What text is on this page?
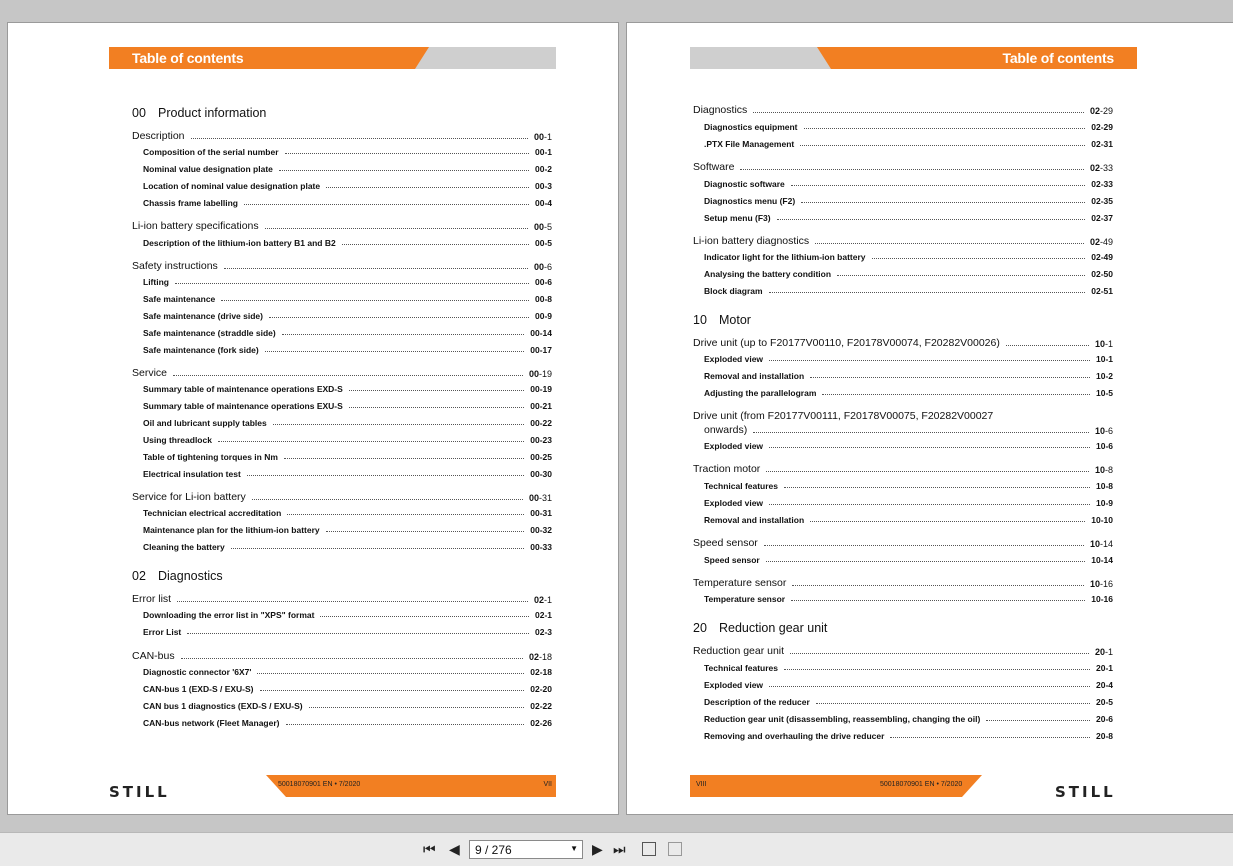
Table of contents
00 Product information
Description	00-1
Composition of the serial number	00-1
Nominal value designation plate	00-2
Location of nominal value designation plate	00-3
Chassis frame labelling	00-4
Li-ion battery specifications	00-5
Description of the lithium-ion battery B1 and B2	00-5
Safety instructions	00-6
Lifting	00-6
Safe maintenance	00-8
Safe maintenance (drive side)	00-9
Safe maintenance (straddle side)	00-14
Safe maintenance (fork side)	00-17
Service	00-19
Summary table of maintenance operations EXD-S	00-19
Summary table of maintenance operations EXU-S	00-21
Oil and lubricant supply tables	00-22
Using threadlock	00-23
Table of tightening torques in Nm	00-25
Electrical insulation test	00-30
Service for Li-ion battery	00-31
Technician electrical accreditation	00-31
Maintenance plan for the lithium-ion battery	00-32
Cleaning the battery	00-33
02 Diagnostics
Error list	02-1
Downloading the error list in "XPS" format	02-1
Error List	02-3
CAN-bus	02-18
Diagnostic connector '6X7'	02-18
CAN-bus 1 (EXD-S / EXU-S)	02-20
CAN bus 1 diagnostics (EXD-S / EXU-S)	02-22
CAN-bus network (Fleet Manager)	02-26
50018070901 EN • 7/2020	VII
STILL
Table of contents
Diagnostics	02-29
Diagnostics equipment	02-29
.PTX File Management	02-31
Software	02-33
Diagnostic software	02-33
Diagnostics menu (F2)	02-35
Setup menu (F3)	02-37
Li-ion battery diagnostics	02-49
Indicator light for the lithium-ion battery	02-49
Analysing the battery condition	02-50
Block diagram	02-51
10 Motor
Drive unit (up to F20177V00110, F20178V00074, F20282V00026)	10-1
Exploded view	10-1
Removal and installation	10-2
Adjusting the parallelogram	10-5
Drive unit (from F20177V00111, F20178V00075, F20282V00027
onwards)	10-6
Exploded view	10-6
Traction motor	10-8
Technical features	10-8
Exploded view	10-9
Removal and installation	10-10
Speed sensor	10-14
Speed sensor	10-14
Temperature sensor	10-16
Temperature sensor	10-16
20 Reduction gear unit
Reduction gear unit	20-1
Technical features	20-1
Exploded view	20-4
Description of the reducer	20-5
Reduction gear unit (disassembling, reassembling, changing the oil)	20-6
Removing and overhauling the drive reducer	20-8
VIII	50018070901 EN • 7/2020	STILL
⏮ ◀	9 / 276	▼ ▶ ⏭
